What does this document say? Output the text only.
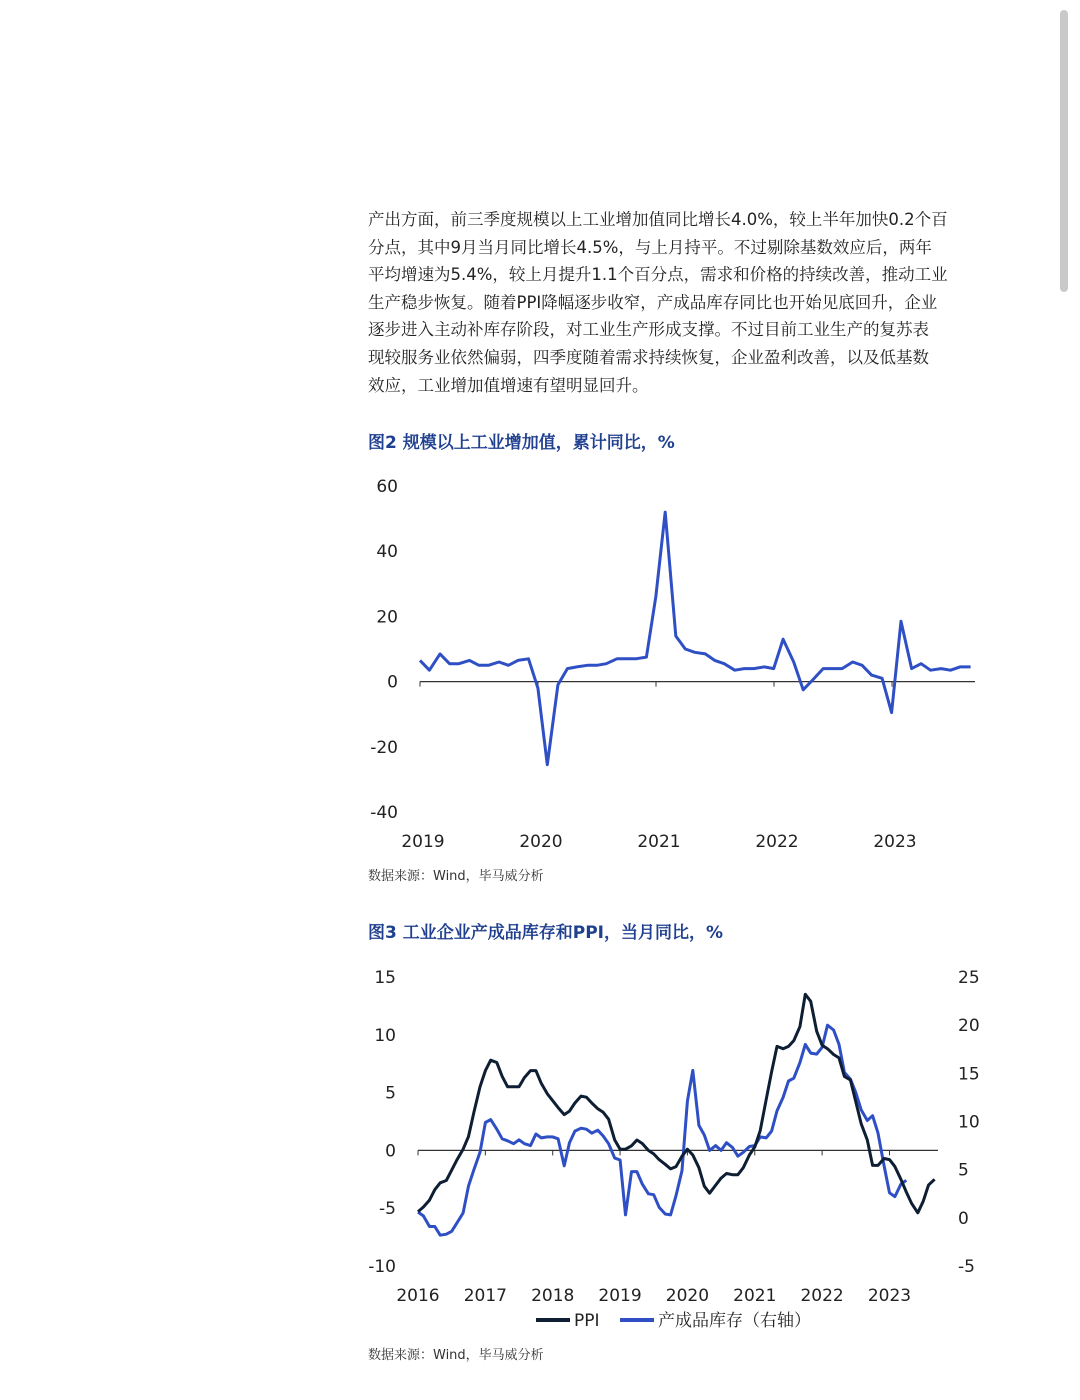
产出方面，前三季度规模以上工业增加值同比增长4.0%，较上半年加快0.2个百
分点，其中9月当月同比增长4.5%，与上月持平。不过剔除基数效应后，两年
平均增速为5.4%，较上月提升1.1个百分点，需求和价格的持续改善，推动工业
生产稳步恢复。随着PPI降幅逐步收窄，产成品库存同比也开始见底回升，企业
逐步进入主动补库存阶段，对工业生产形成支撑。不过目前工业生产的复苏表
现较服务业依然偏弱，四季度随着需求持续恢复，企业盈利改善，以及低基数
效应，工业增加值增速有望明显回升。
图2 规模以上工业增加值，累计同比，%
-40
-20
0
20
40
60
2019	2020	2021	2022	2023
数据来源：Wind，毕马威分析
图3 工业企业产成品库存和PPI，当月同比，%
-10
-5
0
5
10
15
-5
0
5
10
15
20
25
2016 2017 2018 2019 2020 2021 2022 2023
PPI	产成品库存（右轴）
数据来源：Wind，毕马威分析
